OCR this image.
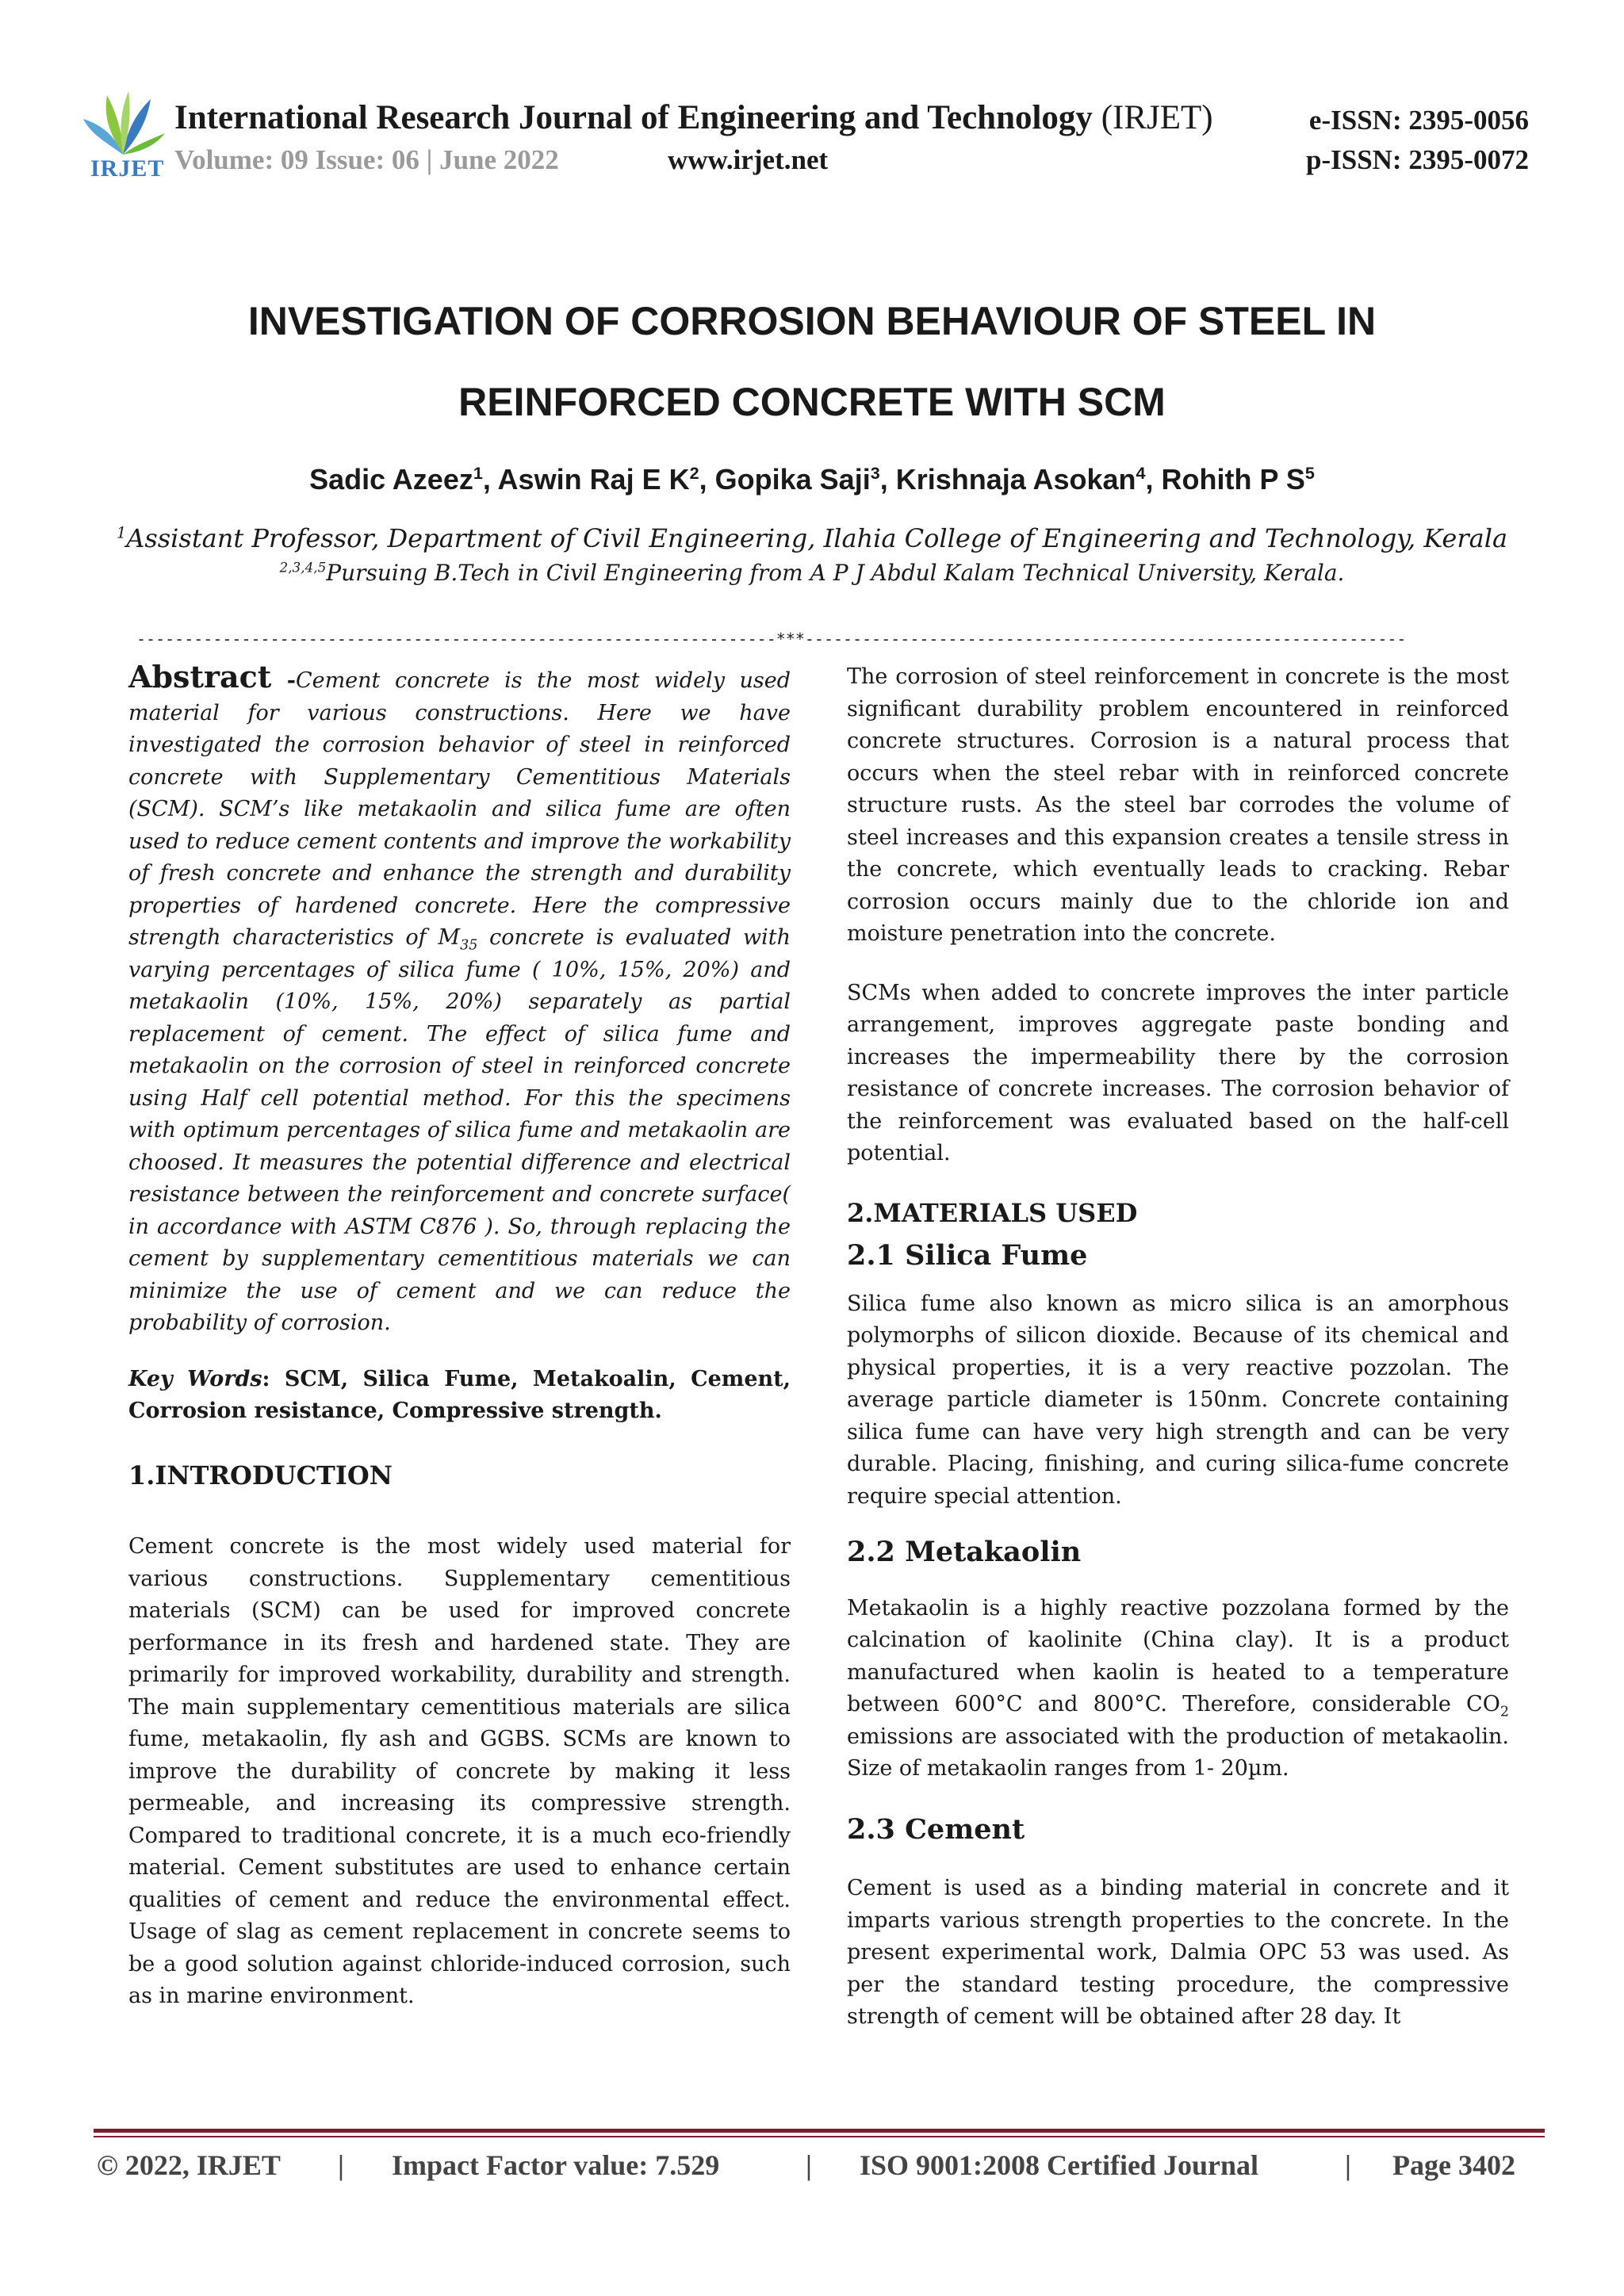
IRJET
International Research Journal of Engineering and Technology (IRJET)
Volume: 09 Issue: 06 | June 2022	www.irjet.net
e-ISSN: 2395-0056
p-ISSN: 2395-0072
INVESTIGATION OF CORROSION BEHAVIOUR OF STEEL IN
REINFORCED CONCRETE WITH SCM
Sadic Azeez$^1$, Aswin Raj E $K^2$, Gopika Saji$^3$, Krishnaja Asokan$^4$, Rohith P $S^5$
$^1$Assistant Professor, Department of Civil Engineering, Ilahia College of Engineering and Technology, Kerala
$^{2,3,4,5}$Pursuing B.Tech in Civil Engineering from A P J Abdul Kalam Technical University, Kerala.
-------------------------------------------------------------------***---------------------------------------------------------------

Abstract -Cement concrete is the most widely used material for various constructions. Here we have investigated the corrosion behavior of steel in reinforced concrete with Supplementary Cementitious Materials (SCM). SCM’s like metakaolin and silica fume are often used to reduce cement contents and improve the workability of fresh concrete and enhance the strength and durability properties of hardened concrete. Here the compressive strength characteristics of $M_{35}$ concrete is evaluated with varying percentages of silica fume ( 10%, 15%, 20%) and metakaolin (10%, 15%, 20%) separately as partial replacement of cement. The effect of silica fume and metakaolin on the corrosion of steel in reinforced concrete using Half cell potential method. For this the specimens with optimum percentages of silica fume and metakaolin are choosed. It measures the potential difference and electrical resistance between the reinforcement and concrete surface( in accordance with ASTM C876 ). So, through replacing the cement by supplementary cementitious materials we can minimize the use of cement and we can reduce the probability of corrosion.

Key Words: SCM, Silica Fume, Metakoalin, Cement, Corrosion resistance, Compressive strength.

1.INTRODUCTION

Cement concrete is the most widely used material for various constructions. Supplementary cementitious materials (SCM) can be used for improved concrete performance in its fresh and hardened state. They are primarily for improved workability, durability and strength. The main supplementary cementitious materials are silica fume, metakaolin, fly ash and GGBS. SCMs are known to improve the durability of concrete by making it less permeable, and increasing its compressive strength. Compared to traditional concrete, it is a much eco-friendly material. Cement substitutes are used to enhance certain qualities of cement and reduce the environmental effect. Usage of slag as cement replacement in concrete seems to be a good solution against chloride-induced corrosion, such as in marine environment.

The corrosion of steel reinforcement in concrete is the most significant durability problem encountered in reinforced concrete structures. Corrosion is a natural process that occurs when the steel rebar with in reinforced concrete structure rusts. As the steel bar corrodes the volume of steel increases and this expansion creates a tensile stress in the concrete, which eventually leads to cracking. Rebar corrosion occurs mainly due to the chloride ion and moisture penetration into the concrete.

SCMs when added to concrete improves the inter particle arrangement, improves aggregate paste bonding and increases the impermeability there by the corrosion resistance of concrete increases. The corrosion behavior of the reinforcement was evaluated based on the half-cell potential.

2.MATERIALS USED

2.1 Silica Fume

Silica fume also known as micro silica is an amorphous polymorphs of silicon dioxide. Because of its chemical and physical properties, it is a very reactive pozzolan. The average particle diameter is 150nm. Concrete containing silica fume can have very high strength and can be very durable. Placing, finishing, and curing silica-fume concrete require special attention.

2.2 Metakaolin

Metakaolin is a highly reactive pozzolana formed by the calcination of kaolinite (China clay). It is a product manufactured when kaolin is heated to a temperature between 600°C and 800°C. Therefore, considerable $CO_2$ emissions are associated with the production of metakaolin. Size of metakaolin ranges from 1- 20µm.

2.3 Cement

Cement is used as a binding material in concrete and it imparts various strength properties to the concrete. In the present experimental work, Dalmia OPC 53 was used. As per the standard testing procedure, the compressive strength of cement will be obtained after 28 day. It

© 2022, IRJET | Impact Factor value: 7.529	| ISO 9001:2008 Certified Journal	| Page 3402
